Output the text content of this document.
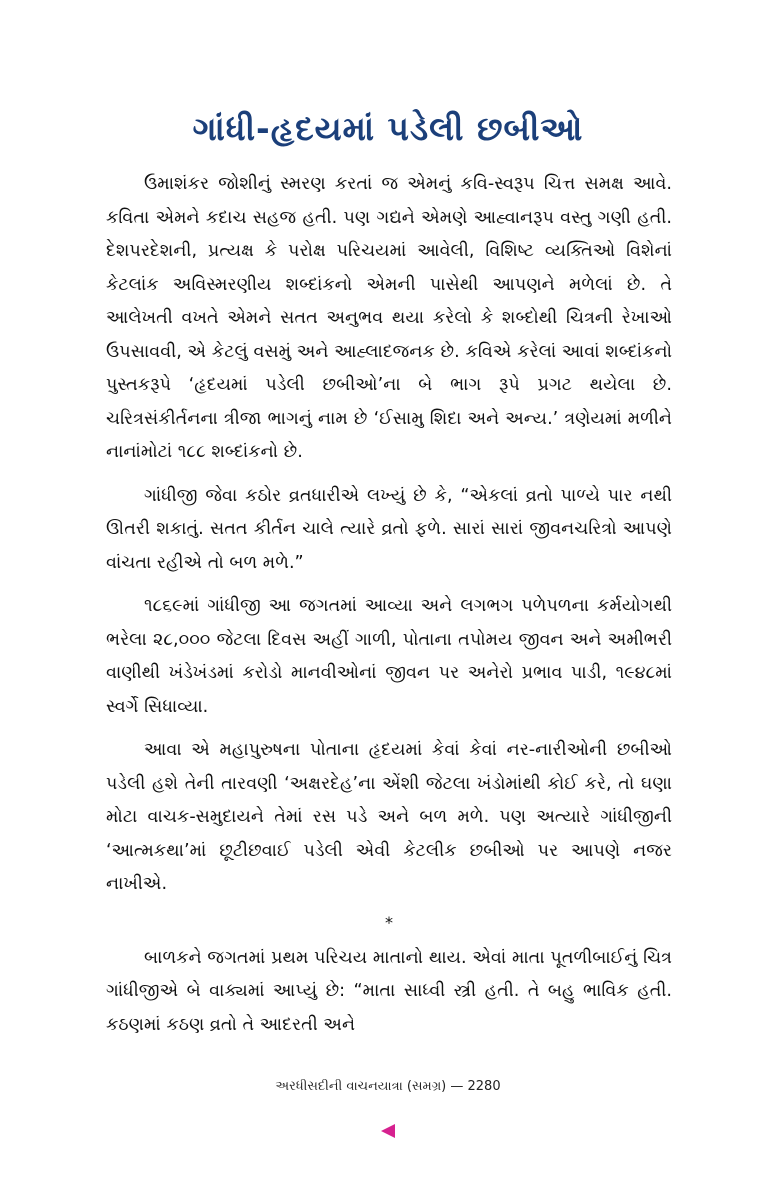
ગાંધી-હૃદયમાં પડેલી છબીઓ

ઉમાશંકર જોશીનું સ્મરણ કરતાં જ એમનું કવિ-સ્વરૂપ ચિત્ત સમક્ષ આવે. કવિતા એમને કદાચ સહજ હતી. પણ ગદ્યને એમણે આહ્વાનરૂપ વસ્તુ ગણી હતી. દેશપરદેશની, પ્રત્યક્ષ કે પરોક્ષ પરિચયમાં આવેલી, વિશિષ્ટ વ્યક્તિઓ વિશેનાં કેટલાંક અવિસ્મરણીય શબ્દાંકનો એમની પાસેથી આપણને મળેલાં છે. તે આલેખતી વખતે એમને સતત અનુભવ થયા કરેલો કે શબ્દોથી ચિત્રની રેખાઓ ઉપસાવવી, એ કેટલું વસમું અને આહ્લાદજનક છે. કવિએ કરેલાં આવાં શબ્દાંકનો પુસ્તકરૂપે ‘હૃદયમાં પડેલી છબીઓ’ના બે ભાગ રૂપે પ્રગટ થયેલા છે. ચરિત્રસંકીર્તનના ત્રીજા ભાગનું નામ છે ‘ઈસામુ શિદા અને અન્ય.’ ત્રણેયમાં મળીને નાનાંમોટાં ૧૮૮ શબ્દાંકનો છે.

ગાંધીજી જેવા કઠોર વ્રતધારીએ લખ્યું છે કે, “એકલાં વ્રતો પાળ્યે પાર નથી ઊતરી શકાતું. સતત કીર્તન ચાલે ત્યારે વ્રતો ફળે. સારાં સારાં જીવનચરિત્રો આપણે વાંચતા રહીએ તો બળ મળે.”

૧૮૬૯માં ગાંધીજી આ જગતમાં આવ્યા અને લગભગ પળેપળના કર્મયોગથી ભરેલા ૨૮,૦૦૦ જેટલા દિવસ અહીં ગાળી, પોતાના તપોમય જીવન અને અમીભરી વાણીથી ખંડેખંડમાં કરોડો માનવીઓનાં જીવન પર અનેરો પ્રભાવ પાડી, ૧૯૪૮માં સ્વર્ગે સિધાવ્યા.

આવા એ મહાપુરુષના પોતાના હૃદયમાં કેવાં કેવાં નર-નારીઓની છબીઓ પડેલી હશે તેની તારવણી ‘અક્ષરદેહ’ના એંશી જેટલા ખંડોમાંથી કોઈ કરે, તો ઘણા મોટા વાચક-સમુદાયને તેમાં રસ પડે અને બળ મળે. પણ અત્યારે ગાંધીજીની ‘આત્મકથા’માં છૂટીછવાઈ પડેલી એવી કેટલીક છબીઓ પર આપણે નજર નાખીએ.

*

બાળકને જગતમાં પ્રથમ પરિચય માતાનો થાય. એવાં માતા પૂતળીબાઈનું ચિત્ર ગાંધીજીએ બે વાક્યમાં આપ્યું છે: “માતા સાધ્વી સ્ત્રી હતી. તે બહુ ભાવિક હતી. કઠણમાં કઠણ વ્રતો તે આદરતી અને

અરધીસદીની વાચનયાત્રા (સમગ્ર) — 2280
